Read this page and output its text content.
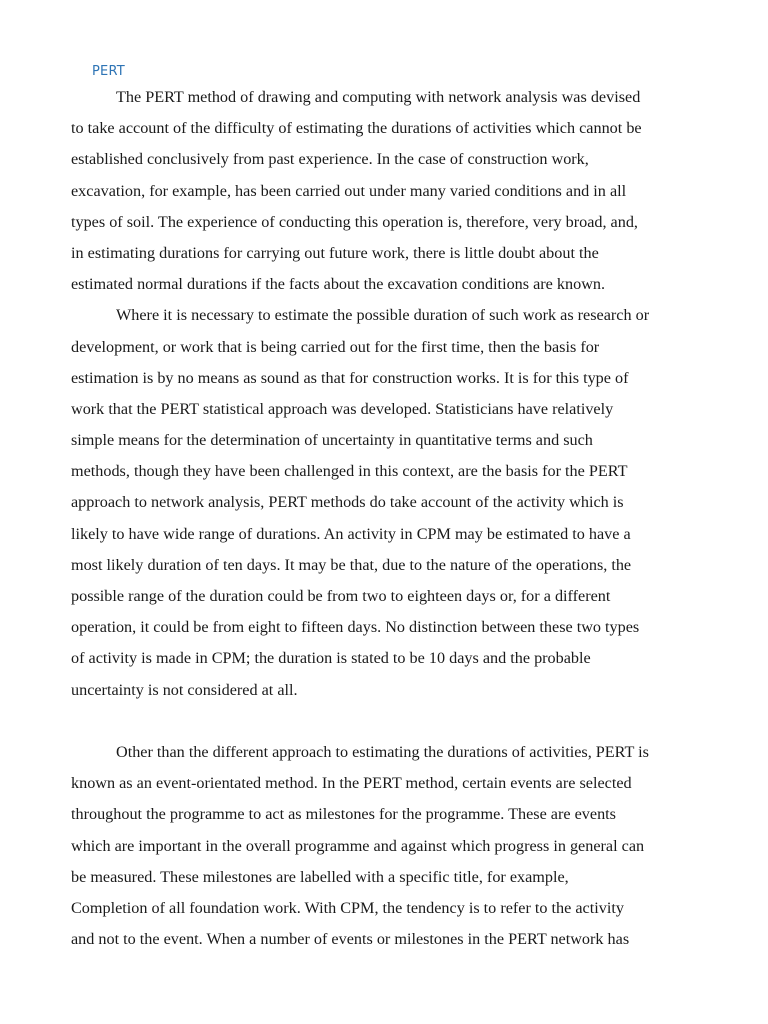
PERT
The PERT method of drawing and computing with network analysis was devised
to take account of the difficulty of estimating the durations of activities which cannot be
established conclusively from past experience. In the case of construction work,
excavation, for example, has been carried out under many varied conditions and in all
types of soil. The experience of conducting this operation is, therefore, very broad, and,
in estimating durations for carrying out future work, there is little doubt about the
estimated normal durations if the facts about the excavation conditions are known.
Where it is necessary to estimate the possible duration of such work as research or
development, or work that is being carried out for the first time, then the basis for
estimation is by no means as sound as that for construction works. It is for this type of
work that the PERT statistical approach was developed. Statisticians have relatively
simple means for the determination of uncertainty in quantitative terms and such
methods, though they have been challenged in this context, are the basis for the PERT
approach to network analysis, PERT methods do take account of the activity which is
likely to have wide range of durations. An activity in CPM may be estimated to have a
most likely duration of ten days. It may be that, due to the nature of the operations, the
possible range of the duration could be from two to eighteen days or, for a different
operation, it could be from eight to fifteen days. No distinction between these two types
of activity is made in CPM; the duration is stated to be 10 days and the probable
uncertainty is not considered at all.
Other than the different approach to estimating the durations of activities, PERT is
known as an event-orientated method. In the PERT method, certain events are selected
throughout the programme to act as milestones for the programme. These are events
which are important in the overall programme and against which progress in general can
be measured. These milestones are labelled with a specific title, for example,
Completion of all foundation work. With CPM, the tendency is to refer to the activity
and not to the event. When a number of events or milestones in the PERT network has
